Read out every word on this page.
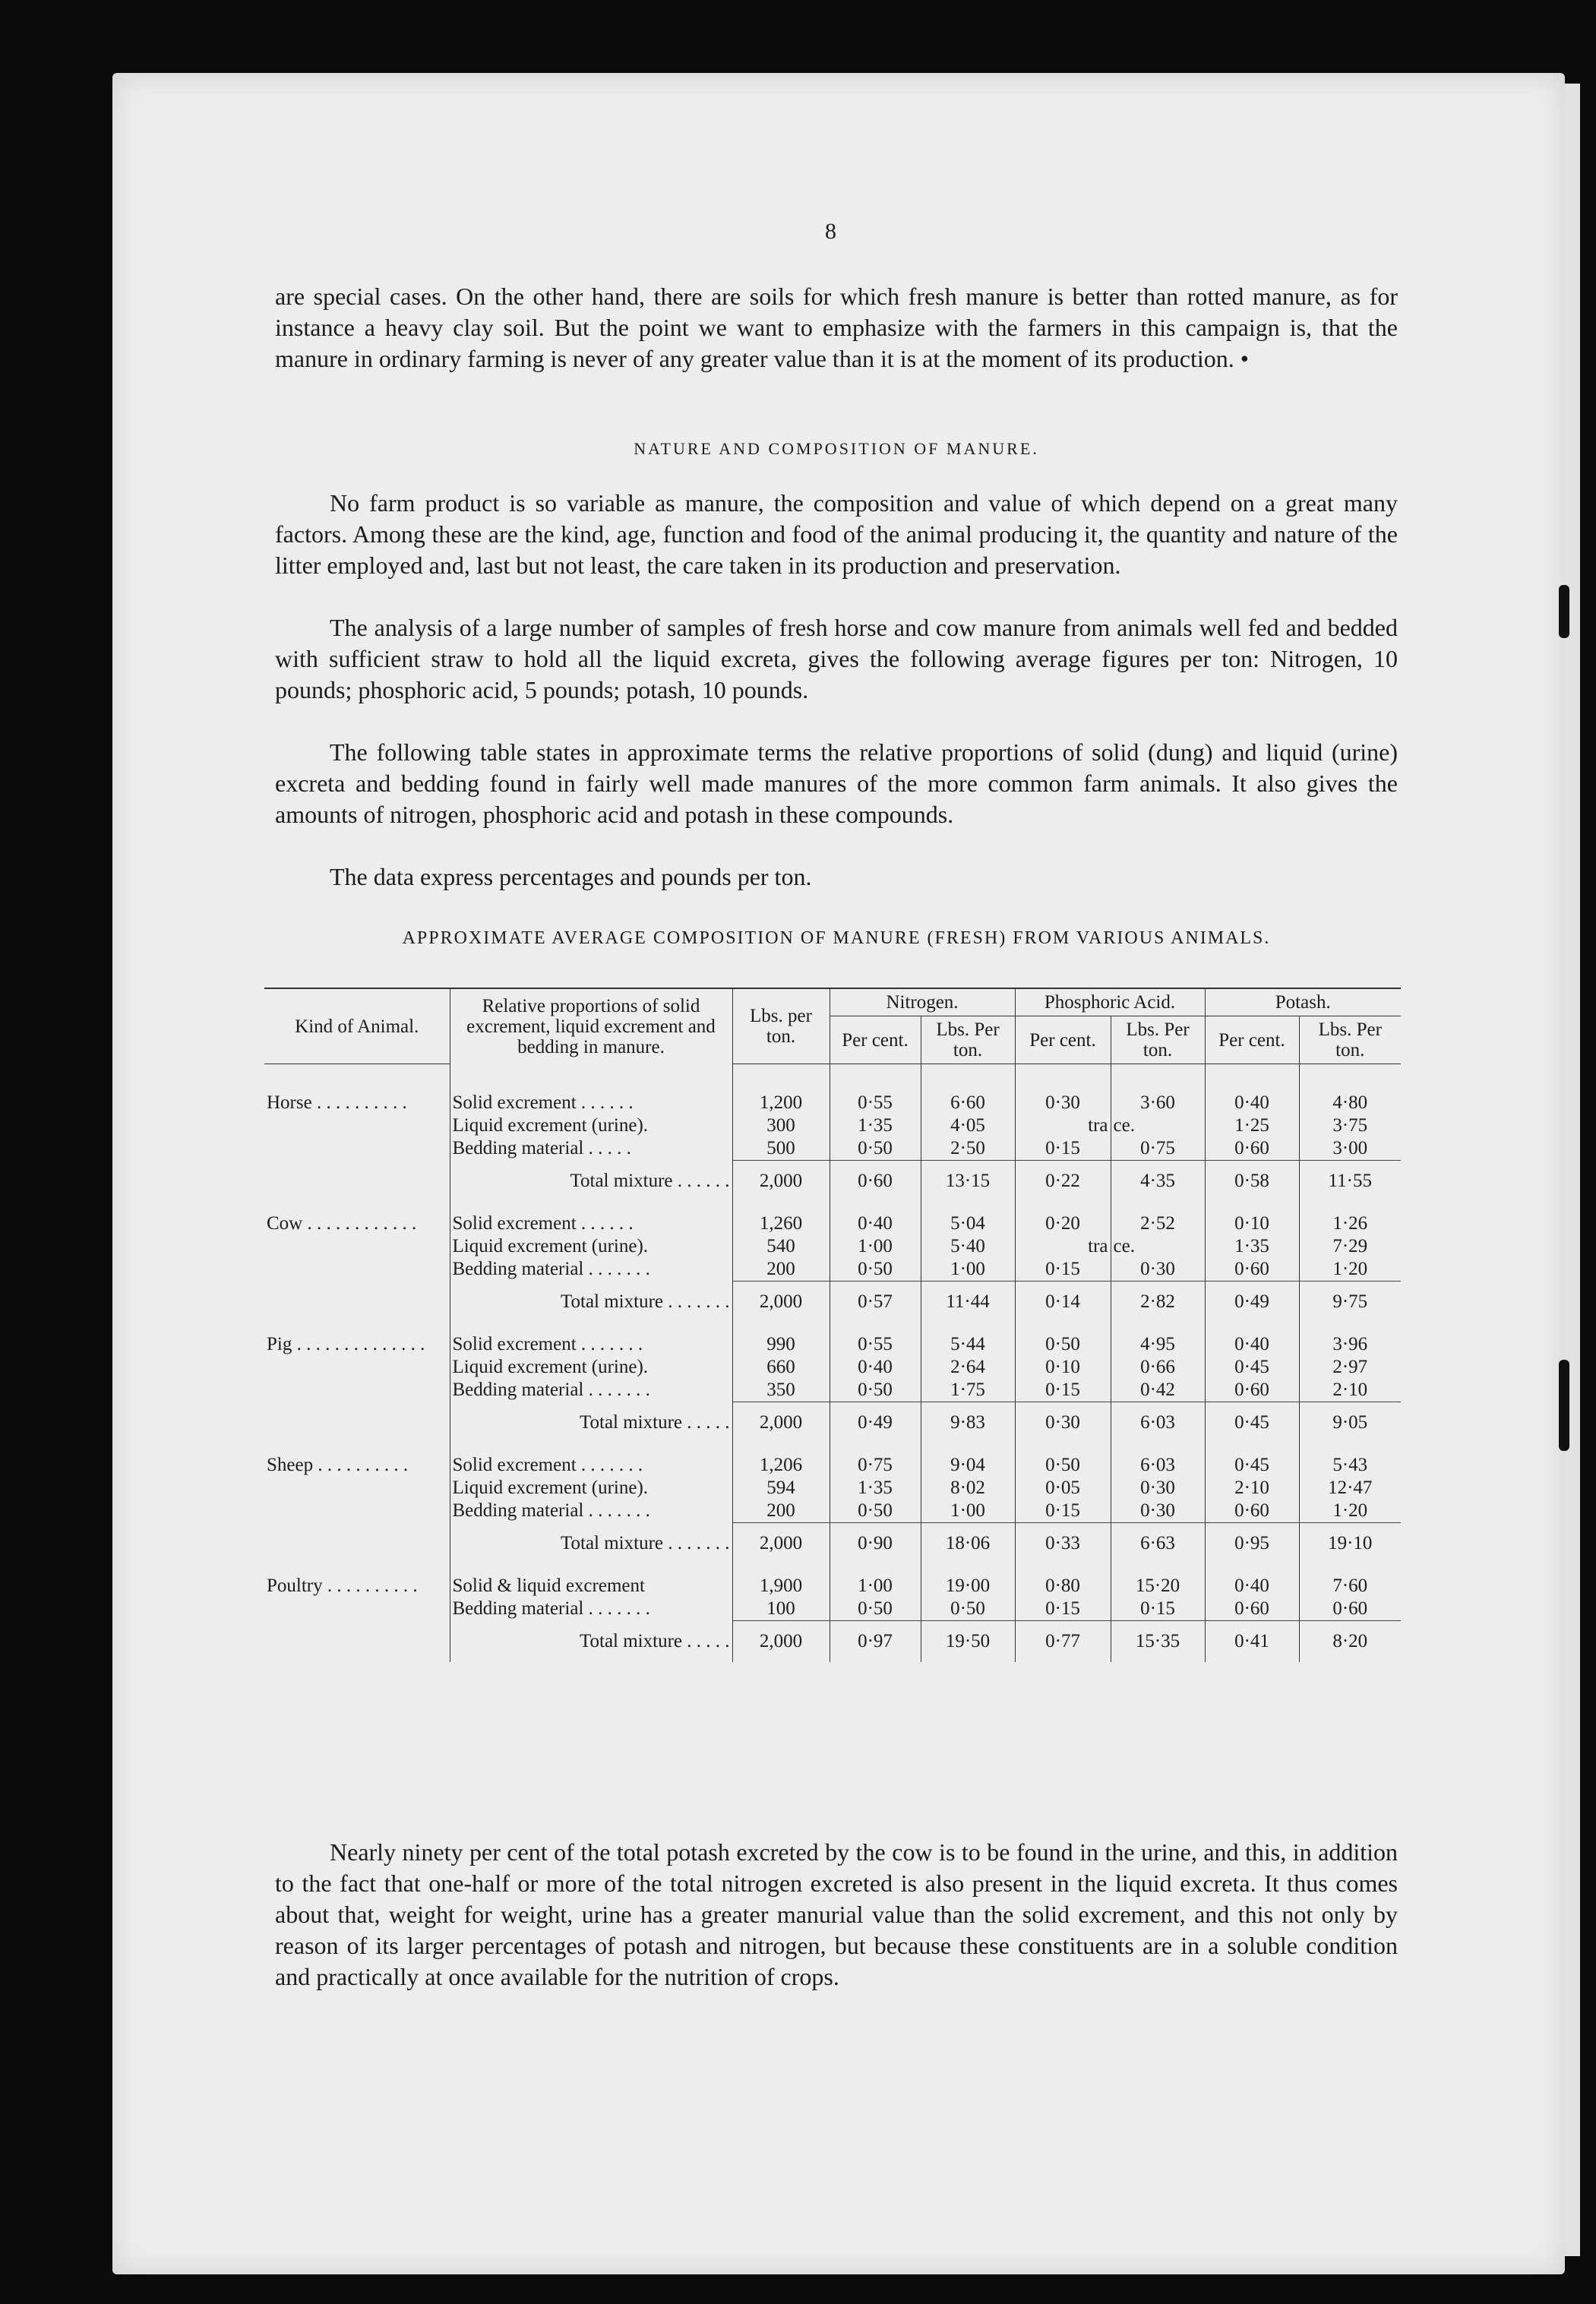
8

are special cases. On the other hand, there are soils for which fresh manure is better than rotted manure, as for instance a heavy clay soil. But the point we want to emphasize with the farmers in this campaign is, that the manure in ordinary farming is never of any greater value than it is at the moment of its production. •

NATURE AND COMPOSITION OF MANURE.

No farm product is so variable as manure, the composition and value of which depend on a great many factors. Among these are the kind, age, function and food of the animal producing it, the quantity and nature of the litter employed and, last but not least, the care taken in its production and preservation.

The analysis of a large number of samples of fresh horse and cow manure from animals well fed and bedded with sufficient straw to hold all the liquid excreta, gives the following average figures per ton: Nitrogen, 10 pounds; phosphoric acid, 5 pounds; potash, 10 pounds.

The following table states in approximate terms the relative proportions of solid (dung) and liquid (urine) excreta and bedding found in fairly well made manures of the more common farm animals. It also gives the amounts of nitrogen, phosphoric acid and potash in these compounds.

The data express percentages and pounds per ton.

APPROXIMATE AVERAGE COMPOSITION OF MANURE (FRESH) FROM VARIOUS ANIMALS.

Kind of Animal.	Relative proportions of solid excrement, liquid excrement and bedding in manure.	Lbs. per ton.	Nitrogen.		Phosphoric Acid.		Potash.	
			Per cent.	Lbs. Per ton.	Per cent.	Lbs. Per ton.	Per cent.	Lbs. Per ton.

Horse . . . . . . . . . .	Solid excrement . . . . . .	1,200	0·55	6·60	0·30	3·60	0·40	4·80
	Liquid excrement (urine).	300	1·35	4·05	tra	ce.	1·25	3·75
	Bedding material . . . . .	500	0·50	2·50	0·15	0·75	0·60	3·00
	Total mixture . . . . . .	2,000	0·60	13·15	0·22	4·35	0·58	11·55

Cow . . . . . . . . . . . .	Solid excrement . . . . . .	1,260	0·40	5·04	0·20	2·52	0·10	1·26
	Liquid excrement (urine).	540	1·00	5·40	tra	ce.	1·35	7·29
	Bedding material . . . . . . .	200	0·50	1·00	0·15	0·30	0·60	1·20
	Total mixture . . . . . . .	2,000	0·57	11·44	0·14	2·82	0·49	9·75

Pig . . . . . . . . . . . . . .	Solid excrement . . . . . . .	990	0·55	5·44	0·50	4·95	0·40	3·96
	Liquid excrement (urine).	660	0·40	2·64	0·10	0·66	0·45	2·97
	Bedding material . . . . . . .	350	0·50	1·75	0·15	0·42	0·60	2·10
	Total mixture . . . . .	2,000	0·49	9·83	0·30	6·03	0·45	9·05

Sheep . . . . . . . . . .	Solid excrement . . . . . . .	1,206	0·75	9·04	0·50	6·03	0·45	5·43
	Liquid excrement (urine).	594	1·35	8·02	0·05	0·30	2·10	12·47
	Bedding material . . . . . . .	200	0·50	1·00	0·15	0·30	0·60	1·20
	Total mixture . . . . . . .	2,000	0·90	18·06	0·33	6·63	0·95	19·10

Poultry . . . . . . . . . .	Solid & liquid excrement	1,900	1·00	19·00	0·80	15·20	0·40	7·60
	Bedding material . . . . . . .	100	0·50	0·50	0·15	0·15	0·60	0·60
	Total mixture . . . . .	2,000	0·97	19·50	0·77	15·35	0·41	8·20

Nearly ninety per cent of the total potash excreted by the cow is to be found in the urine, and this, in addition to the fact that one-half or more of the total nitrogen excreted is also present in the liquid excreta. It thus comes about that, weight for weight, urine has a greater manurial value than the solid excrement, and this not only by reason of its larger percentages of potash and nitrogen, but because these constituents are in a soluble condition and practically at once available for the nutrition of crops.
